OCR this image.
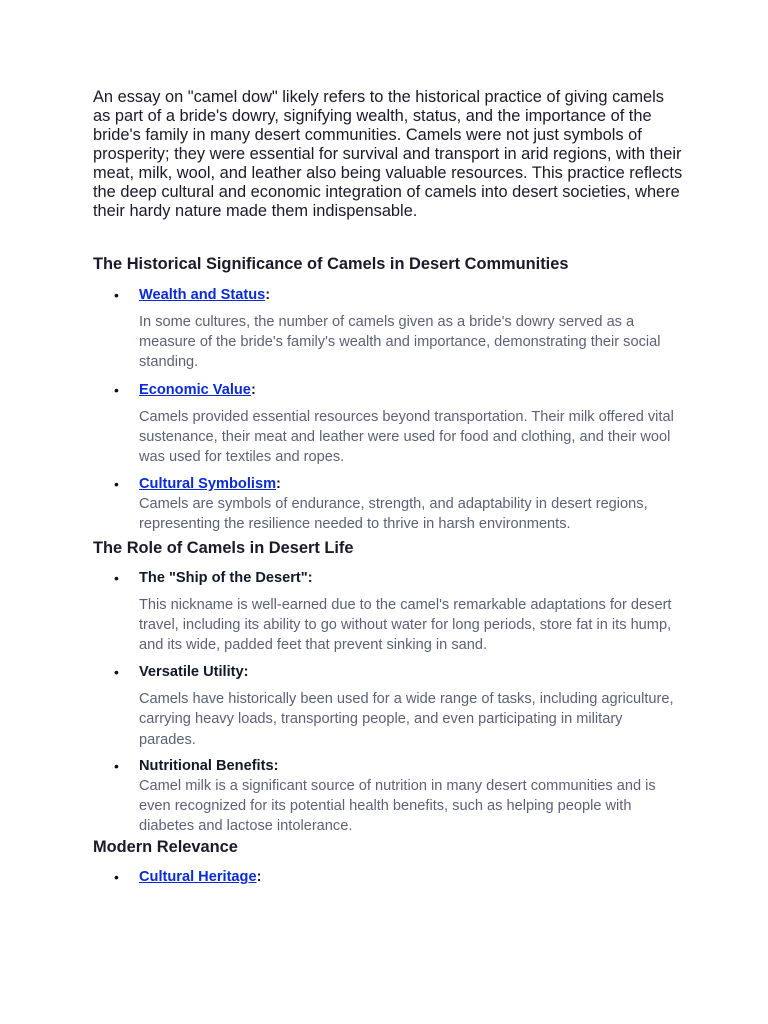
An essay on "camel dow" likely refers to the historical practice of giving camels as part of a bride's dowry, signifying wealth, status, and the importance of the bride's family in many desert communities. Camels were not just symbols of prosperity; they were essential for survival and transport in arid regions, with their meat, milk, wool, and leather also being valuable resources. This practice reflects the deep cultural and economic integration of camels into desert societies, where their hardy nature made them indispensable.

The Historical Significance of Camels in Desert Communities
• Wealth and Status:

In some cultures, the number of camels given as a bride's dowry served as a measure of the bride's family's wealth and importance, demonstrating their social standing.

• Economic Value:

Camels provided essential resources beyond transportation. Their milk offered vital sustenance, their meat and leather were used for food and clothing, and their wool was used for textiles and ropes.

• Cultural Symbolism:

Camels are symbols of endurance, strength, and adaptability in desert regions, representing the resilience needed to thrive in harsh environments.

The Role of Camels in Desert Life
• The "Ship of the Desert":

This nickname is well-earned due to the camel's remarkable adaptations for desert travel, including its ability to go without water for long periods, store fat in its hump, and its wide, padded feet that prevent sinking in sand.

• Versatile Utility:

Camels have historically been used for a wide range of tasks, including agriculture, carrying heavy loads, transporting people, and even participating in military parades.

• Nutritional Benefits:

Camel milk is a significant source of nutrition in many desert communities and is even recognized for its potential health benefits, such as helping people with diabetes and lactose intolerance.

Modern Relevance
• Cultural Heritage:
